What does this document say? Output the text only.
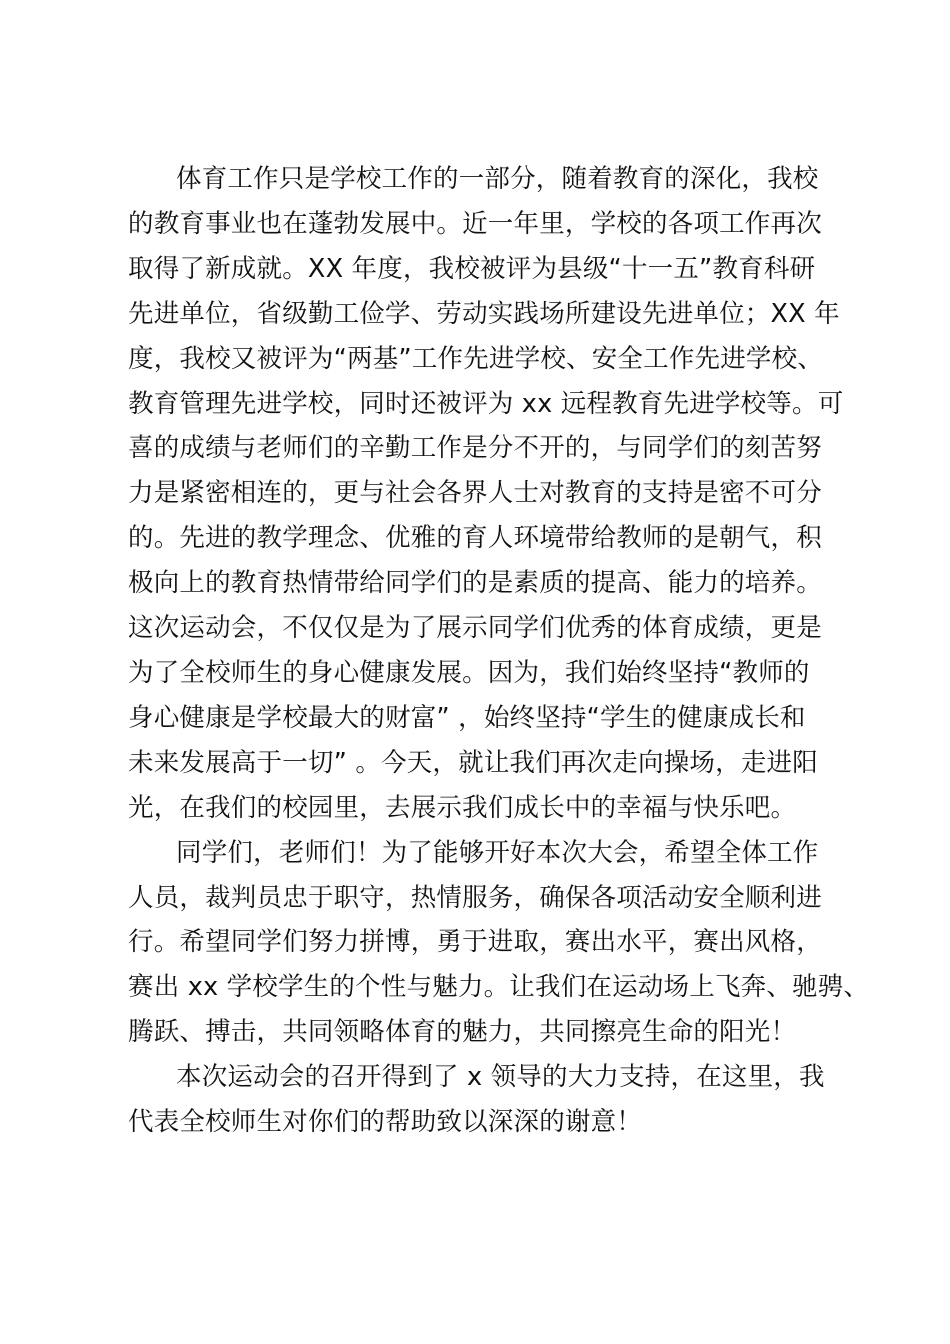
体育工作只是学校工作的一部分，随着教育的深化，我校
的教育事业也在蓬勃发展中。近一年里，学校的各项工作再次
取得了新成就。XX 年度，我校被评为县级“十一五”教育科研
先进单位，省级勤工俭学、劳动实践场所建设先进单位；XX 年
度，我校又被评为“两基”工作先进学校、安全工作先进学校、
教育管理先进学校，同时还被评为 xx 远程教育先进学校等。可
喜的成绩与老师们的辛勤工作是分不开的，与同学们的刻苦努
力是紧密相连的，更与社会各界人士对教育的支持是密不可分
的。先进的教学理念、优雅的育人环境带给教师的是朝气，积
极向上的教育热情带给同学们的是素质的提高、能力的培养。
这次运动会，不仅仅是为了展示同学们优秀的体育成绩，更是
为了全校师生的身心健康发展。因为，我们始终坚持“教师的
身心健康是学校最大的财富” ，始终坚持“学生的健康成长和
未来发展高于一切” 。今天，就让我们再次走向操场，走进阳
光，在我们的校园里，去展示我们成长中的幸福与快乐吧。
同学们，老师们！为了能够开好本次大会，希望全体工作
人员，裁判员忠于职守，热情服务，确保各项活动安全顺利进
行。希望同学们努力拼博，勇于进取，赛出水平，赛出风格，
赛出 xx 学校学生的个性与魅力。让我们在运动场上飞奔、驰骋、
腾跃、搏击，共同领略体育的魅力，共同擦亮生命的阳光！
本次运动会的召开得到了 x 领导的大力支持，在这里，我
代表全校师生对你们的帮助致以深深的谢意！
